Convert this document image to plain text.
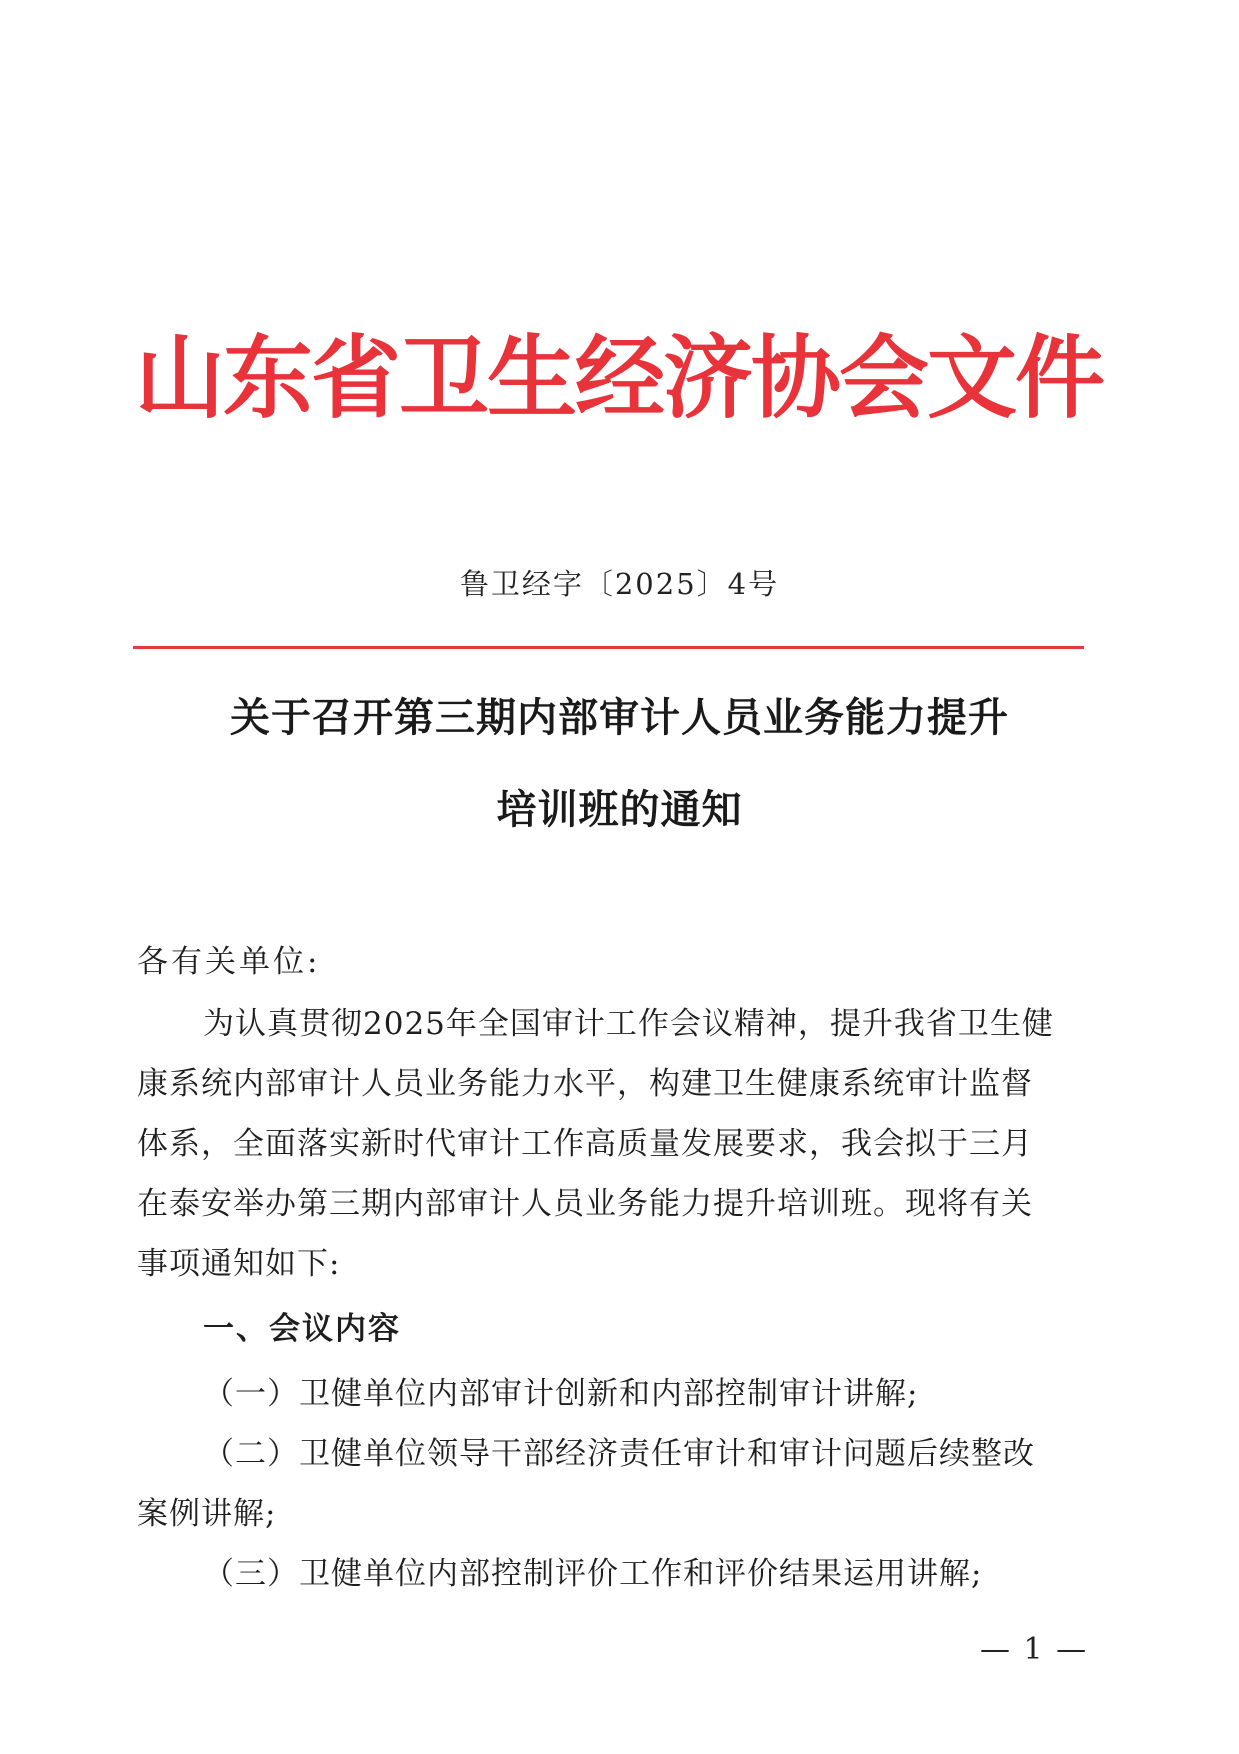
山东省卫生经济协会文件
鲁卫经字〔2025〕4号
关于召开第三期内部审计人员业务能力提升
培训班的通知
各有关单位:
为认真贯彻2025年全国审计工作会议精神，提升我省卫生健
康系统内部审计人员业务能力水平，构建卫生健康系统审计监督
体系，全面落实新时代审计工作高质量发展要求，我会拟于三月
在泰安举办第三期内部审计人员业务能力提升培训班。现将有关
事项通知如下:
一、会议内容
（一）卫健单位内部审计创新和内部控制审计讲解;
（二）卫健单位领导干部经济责任审计和审计问题后续整改
案例讲解;
（三）卫健单位内部控制评价工作和评价结果运用讲解;
— 1 —
